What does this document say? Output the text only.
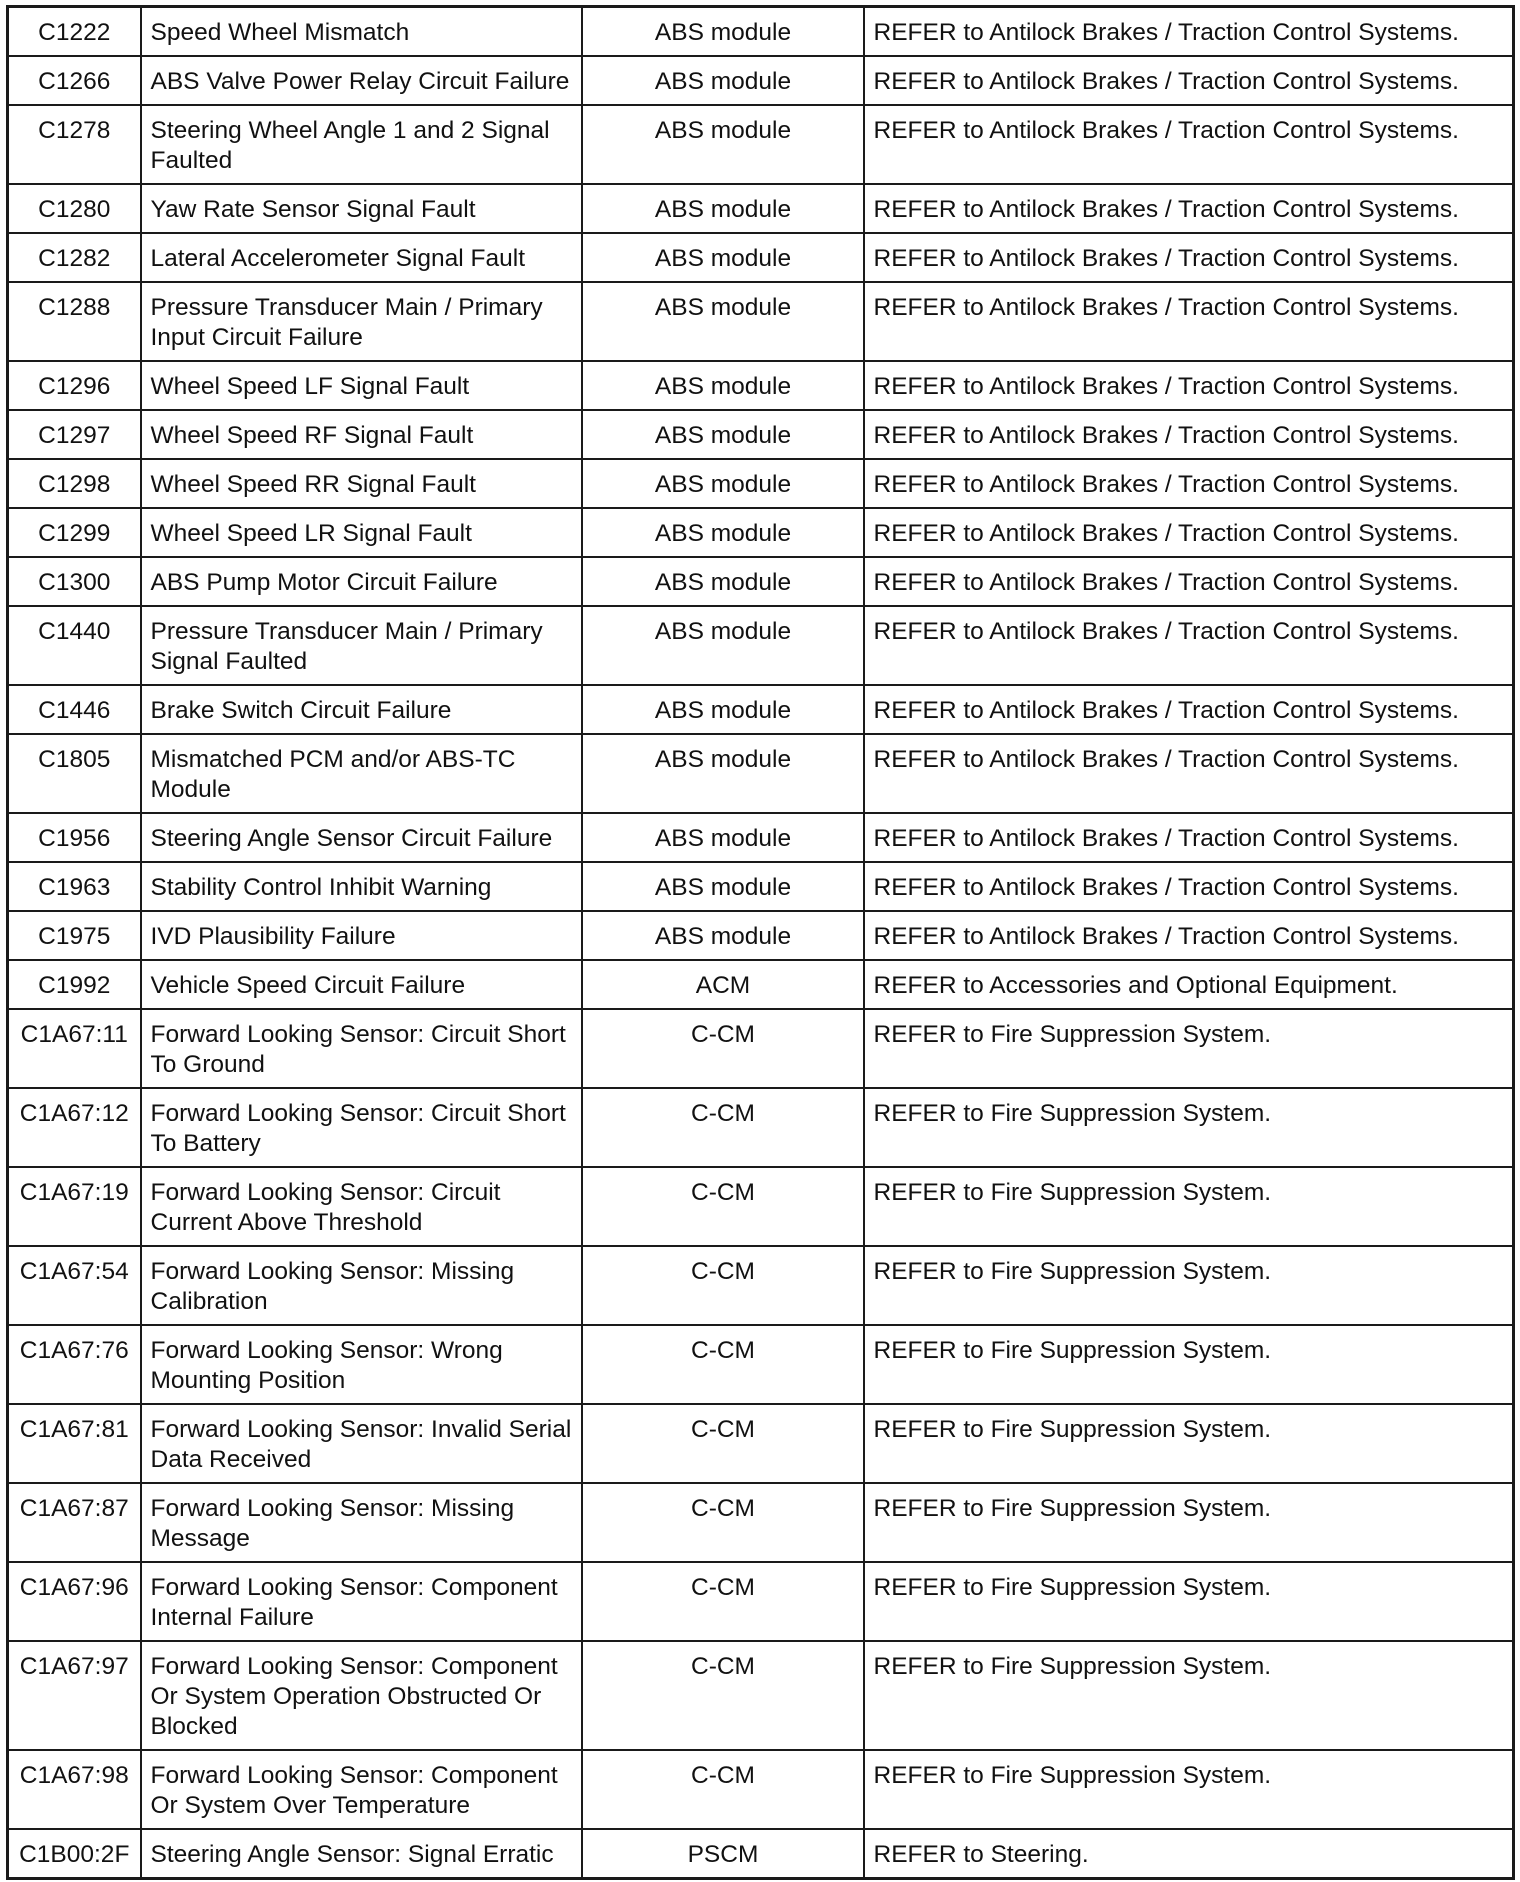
C1222	Speed Wheel Mismatch	ABS module	REFER to Antilock Brakes / Traction Control Systems.
C1266	ABS Valve Power Relay Circuit Failure	ABS module	REFER to Antilock Brakes / Traction Control Systems.
C1278	Steering Wheel Angle 1 and 2 Signal Faulted	ABS module	REFER to Antilock Brakes / Traction Control Systems.
C1280	Yaw Rate Sensor Signal Fault	ABS module	REFER to Antilock Brakes / Traction Control Systems.
C1282	Lateral Accelerometer Signal Fault	ABS module	REFER to Antilock Brakes / Traction Control Systems.
C1288	Pressure Transducer Main / Primary Input Circuit Failure	ABS module	REFER to Antilock Brakes / Traction Control Systems.
C1296	Wheel Speed LF Signal Fault	ABS module	REFER to Antilock Brakes / Traction Control Systems.
C1297	Wheel Speed RF Signal Fault	ABS module	REFER to Antilock Brakes / Traction Control Systems.
C1298	Wheel Speed RR Signal Fault	ABS module	REFER to Antilock Brakes / Traction Control Systems.
C1299	Wheel Speed LR Signal Fault	ABS module	REFER to Antilock Brakes / Traction Control Systems.
C1300	ABS Pump Motor Circuit Failure	ABS module	REFER to Antilock Brakes / Traction Control Systems.
C1440	Pressure Transducer Main / Primary Signal Faulted	ABS module	REFER to Antilock Brakes / Traction Control Systems.
C1446	Brake Switch Circuit Failure	ABS module	REFER to Antilock Brakes / Traction Control Systems.
C1805	Mismatched PCM and/or ABS-TC Module	ABS module	REFER to Antilock Brakes / Traction Control Systems.
C1956	Steering Angle Sensor Circuit Failure	ABS module	REFER to Antilock Brakes / Traction Control Systems.
C1963	Stability Control Inhibit Warning	ABS module	REFER to Antilock Brakes / Traction Control Systems.
C1975	IVD Plausibility Failure	ABS module	REFER to Antilock Brakes / Traction Control Systems.
C1992	Vehicle Speed Circuit Failure	ACM	REFER to Accessories and Optional Equipment.
C1A67:11	Forward Looking Sensor: Circuit Short To Ground	C-CM	REFER to Fire Suppression System.
C1A67:12	Forward Looking Sensor: Circuit Short To Battery	C-CM	REFER to Fire Suppression System.
C1A67:19	Forward Looking Sensor: Circuit Current Above Threshold	C-CM	REFER to Fire Suppression System.
C1A67:54	Forward Looking Sensor: Missing Calibration	C-CM	REFER to Fire Suppression System.
C1A67:76	Forward Looking Sensor: Wrong Mounting Position	C-CM	REFER to Fire Suppression System.
C1A67:81	Forward Looking Sensor: Invalid Serial Data Received	C-CM	REFER to Fire Suppression System.
C1A67:87	Forward Looking Sensor: Missing Message	C-CM	REFER to Fire Suppression System.
C1A67:96	Forward Looking Sensor: Component Internal Failure	C-CM	REFER to Fire Suppression System.
C1A67:97	Forward Looking Sensor: Component Or System Operation Obstructed Or Blocked	C-CM	REFER to Fire Suppression System.
C1A67:98	Forward Looking Sensor: Component Or System Over Temperature	C-CM	REFER to Fire Suppression System.
C1B00:2F	Steering Angle Sensor: Signal Erratic	PSCM	REFER to Steering.
